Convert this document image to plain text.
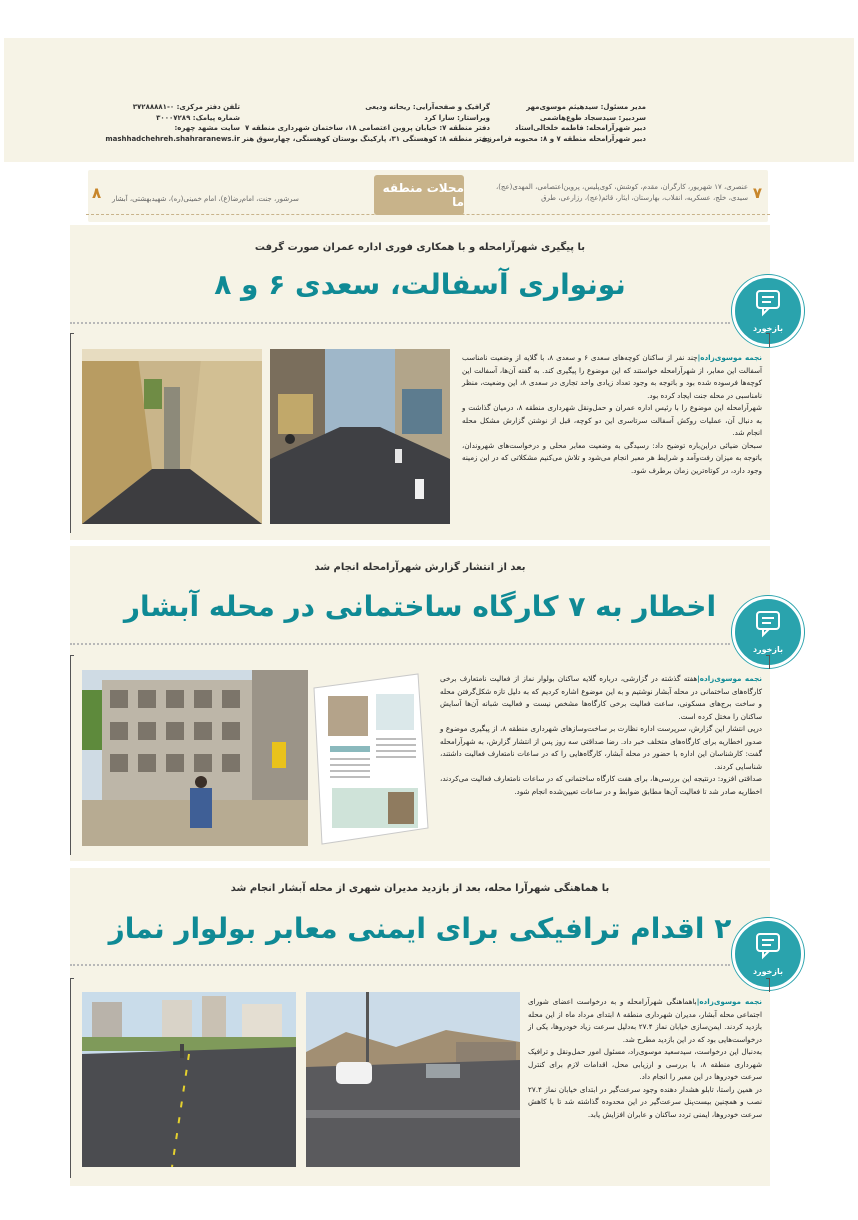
مدیر مسئول: سیدهیثم موسوی‌مهر
سردبیر: سیدسجاد طوع‌هاشمی
دبیر شهرآرامحله: فاطمه خلخالی‌استاد
دبیر شهرآرامحله منطقه ۷ و ۸: محبوبه فرامرزی
گرافیک و صفحه‌آرایی: ریحانه ودیعی
ویراستار: سارا کرد
دفتر منطقه ۷: خیابان پروین اعتصامی ۱۸، ساختمان شهرداری منطقه ۷
دفتر منطقه ۸: کوهسنگی ۳۱، پارکینگ بوستان کوهسنگی، چهارسوق هنر
تلفن دفتر مرکزی: ۰-۳۷۲۸۸۸۸۱
شماره پیامک: ۳۰۰۰۷۲۸۹
سایت مشهد چهره:
mashhadchehreh.shahraranews.ir
۷
۸	عنصری، ۱۷ شهریور، کارگران، مقدم، کوشش، کوی‌پلیس، پروین‌اعتصامی، المهدی(عج)،
سیدی، خلج، عسکریه، انقلاب، بهارستان، ایثار، قائم(عج)، رزارعی، طرق
سرشور، جنت، امام‌رضا(ع)، امام خمینی(ره)، شهیدبهشتی، آبشار
محلات منطقه ما
با پیگیری شهرآرامحله و با همکاری فوری اداره عمران صورت گرفت
نونواری آسفالت، سعدی ۶ و ۸
بازخورد

نجمه موسوی‌زاده|چند نفر از ساکنان کوچه‌های سعدی ۶ و سعدی ۸، با گلایه از وضعیت نامناسب آسفالت این معابر، از شهرآرامحله خواستند که این موضوع را پیگیری کند. به گفته آن‌ها، آسفالت این کوچه‌ها فرسوده شده بود و باتوجه به وجود تعداد زیادی واحد تجاری در سعدی ۸، این وضعیت، منظر نامناسبی در محله جنت ایجاد کرده بود.

شهرآرامحله این موضوع را با رئیس اداره عمران و حمل‌ونقل شهرداری منطقه ۸، درمیان گذاشت و به دنبال آن، عملیات روکش آسفالت سرتاسری این دو کوچه، قبل از نوشتن گزارش مشکل محله انجام شد.

سبحان ضیائی دراین‌باره توضیح داد: رسیدگی به وضعیت معابر محلی و درخواست‌های شهروندان، باتوجه به میزان رفت‌وآمد و شرایط هر معبر انجام می‌شود و تلاش می‌کنیم مشکلاتی که در این زمینه وجود دارد، در کوتاه‌ترین زمان برطرف شود.

بعد از انتشار گزارش شهرآرامحله انجام شد
اخطار به ۷ کارگاه ساختمانی در محله آبشار
بازخورد

نجمه موسوی‌زاده|هفته گذشته در گزارشی، درباره گلایه ساکنان بولوار نماز از فعالیت نامتعارف برخی کارگاه‌های ساختمانی در محله آبشار نوشتیم و به این موضوع اشاره کردیم که به دلیل تازه شکل‌گرفتن محله و ساخت برج‌های مسکونی، ساعت فعالیت برخی کارگاه‌ها مشخص نیست و فعالیت شبانه آن‌ها آسایش ساکنان را مختل کرده است.

درپی انتشار این گزارش، سرپرست اداره نظارت بر ساخت‌وسازهای شهرداری منطقه ۸، از پیگیری موضوع و صدور اخطاریه برای کارگاه‌های متخلف خبر داد. رضا صداقتی سه روز پس از انتشار گزارش، به شهرآرامحله گفت: کارشناسان این اداره با حضور در محله آبشار، کارگاه‌هایی را که در ساعات نامتعارف فعالیت داشتند، شناسایی کردند.

صداقتی افزود: درنتیجه این بررسی‌ها، برای هفت کارگاه ساختمانی که در ساعات نامتعارف فعالیت می‌کردند، اخطاریه صادر شد تا فعالیت آن‌ها مطابق ضوابط و در ساعات تعیین‌شده انجام شود.

با هماهنگی شهرآرا محله، بعد از بازدید مدیران شهری از محله آبشار انجام شد
۲ اقدام ترافیکی برای ایمنی معابر بولوار نماز
بازخورد

نجمه موسوی‌زاده|باهماهنگی شهرآرامحله و به درخواست اعضای شورای اجتماعی محله آبشار، مدیران شهرداری منطقه ۸ ابتدای مرداد ماه از این محله بازدید کردند. ایمن‌سازی خیابان نماز ۲۷.۴ به‌دلیل سرعت زیاد خودروها، یکی از درخواست‌هایی بود که در این بازدید مطرح شد.

به‌دنبال این درخواست، سیدسعید موسوی‌راد، مسئول امور حمل‌ونقل و ترافیک شهرداری منطقه ۸، با بررسی و ارزیابی محل، اقدامات لازم برای کنترل سرعت خودروها در این معبر را انجام داد.

در همین راستا، تابلو هشدار دهنده وجود سرعت‌گیر در ابتدای خیابان نماز ۲۷.۴ نصب و همچنین بیست‌پنل سرعت‌گیر در این محدوده گذاشته شد تا با کاهش سرعت خودروها، ایمنی تردد ساکنان و عابران افزایش یابد.
